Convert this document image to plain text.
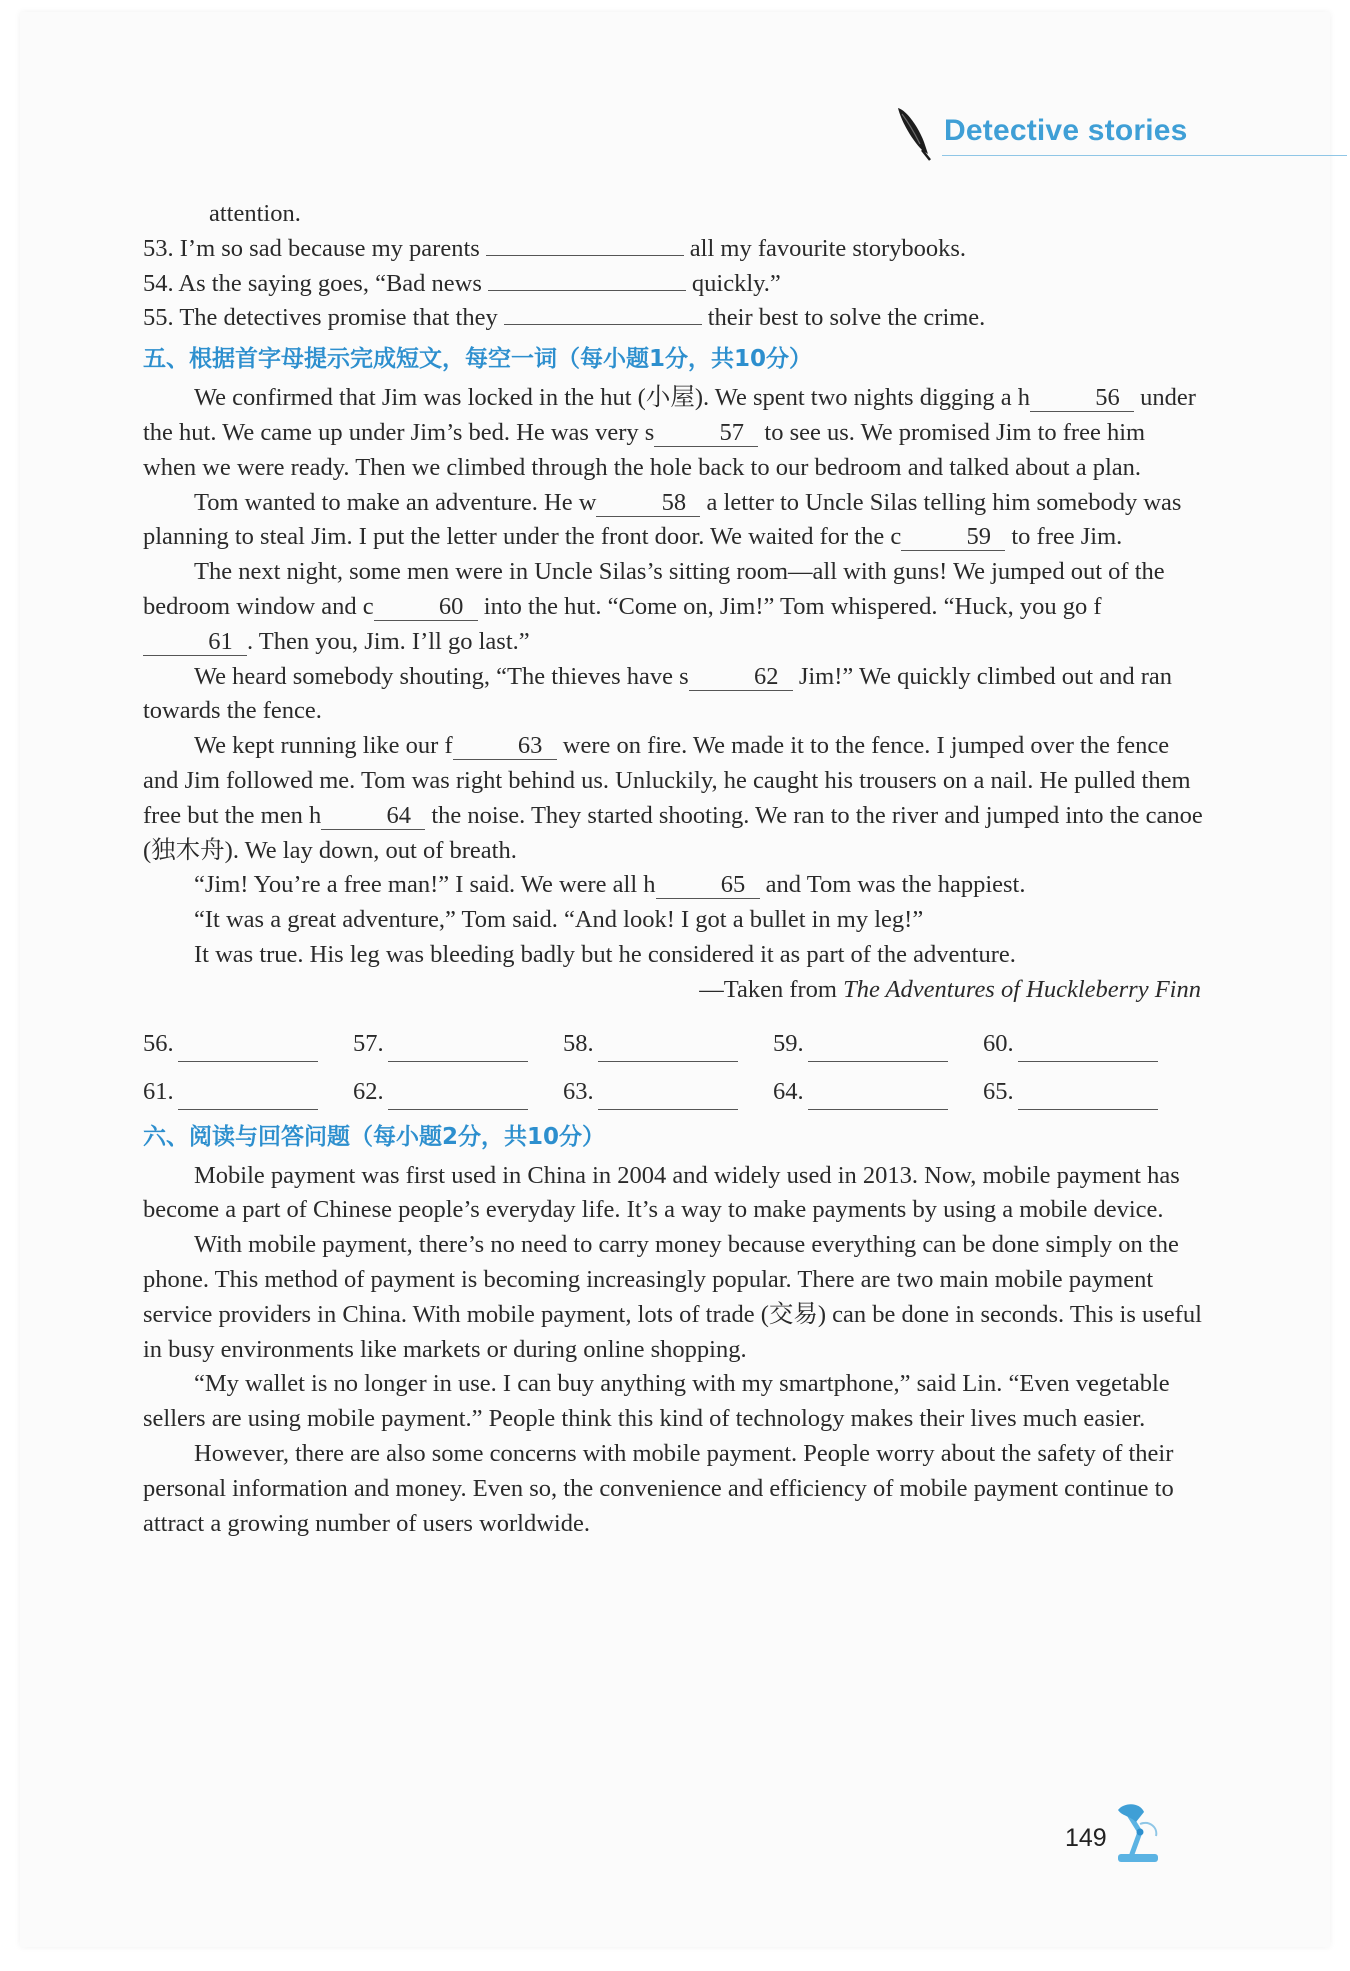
Detective stories

attention.

53. I’m so sad because my parents	all my favourite storybooks.

54. As the saying goes, “Bad news	quickly.”

55. The detectives promise that they	their best to solve the crime.

五、根据首字母提示完成短文，每空一词（每小题1分，共10分）

We confirmed that Jim was locked in the hut (小屋). We spent two nights digging a h	56 under the hut. We came up under Jim’s bed. He was very s	57 to see us. We promised Jim to free him when we were ready. Then we climbed through the hole back to our bedroom and talked about a plan.

Tom wanted to make an adventure. He w	58 a letter to Uncle Silas telling him somebody was planning to steal Jim. I put the letter under the front door. We waited for the c	59 to free Jim.

The next night, some men were in Uncle Silas’s sitting room—all with guns! We jumped out of the bedroom window and c	60 into the hut. “Come on, Jim!” Tom whispered. “Huck, you go f61 . Then you, Jim. I’ll go last.”

We heard somebody shouting, “The thieves have s	62 Jim!” We quickly climbed out and ran towards the fence.

We kept running like our f	63 were on fire. We made it to the fence. I jumped over the fence and Jim followed me. Tom was right behind us. Unluckily, he caught his trousers on a nail. He pulled them free but the men h	64 the noise. They started shooting. We ran to the river and jumped into the canoe (独木舟). We lay down, out of breath.

“Jim! You’re a free man!” I said. We were all h	65 and Tom was the happiest.

“It was a great adventure,” Tom said. “And look! I got a bullet in my leg!”

It was true. His leg was bleeding badly but he considered it as part of the adventure.

—Taken from The Adventures of Huckleberry Finn

56.	57.	58.	59.	60.
61.	62.	63.	64.	65.
六、阅读与回答问题（每小题2分，共10分）

Mobile payment was first used in China in 2004 and widely used in 2013. Now, mobile payment has become a part of Chinese people’s everyday life. It’s a way to make payments by using a mobile device.

With mobile payment, there’s no need to carry money because everything can be done simply on the phone. This method of payment is becoming increasingly popular. There are two main mobile payment service providers in China. With mobile payment, lots of trade (交易) can be done in seconds. This is useful in busy environments like markets or during online shopping.

“My wallet is no longer in use. I can buy anything with my smartphone,” said Lin. “Even vegetable sellers are using mobile payment.” People think this kind of technology makes their lives much easier.

However, there are also some concerns with mobile payment. People worry about the safety of their personal information and money. Even so, the convenience and efficiency of mobile payment continue to attract a growing number of users worldwide.

149
